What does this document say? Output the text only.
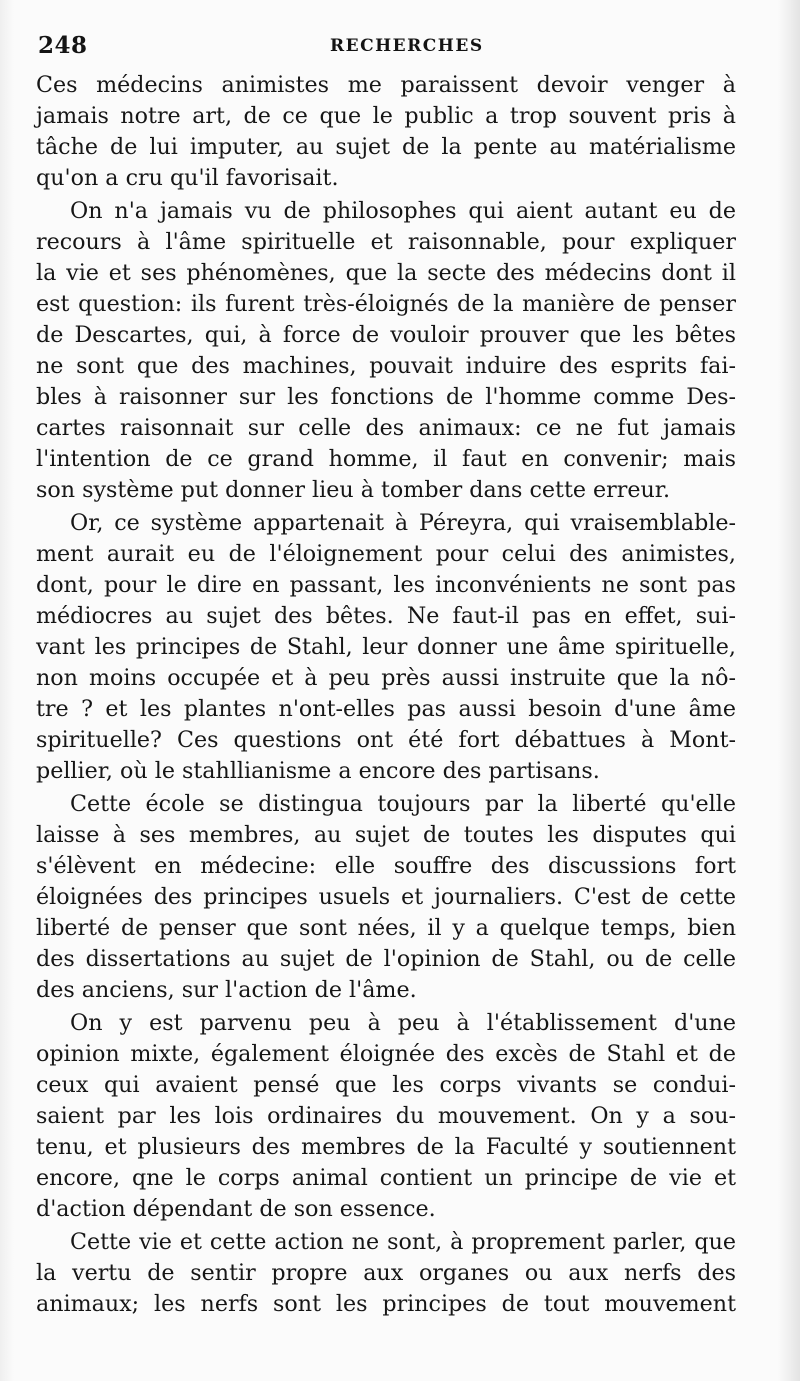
248	RECHERCHES
Ces médecins animistes me paraissent devoir venger à
jamais notre art, de ce que le public a trop souvent pris à
tâche de lui imputer, au sujet de la pente au matérialisme
qu'on a cru qu'il favorisait.
On n'a jamais vu de philosophes qui aient autant eu de
recours à l'âme spirituelle et raisonnable, pour expliquer
la vie et ses phénomènes, que la secte des médecins dont il
est question: ils furent très-éloignés de la manière de penser
de Descartes, qui, à force de vouloir prouver que les bêtes
ne sont que des machines, pouvait induire des esprits fai-
bles à raisonner sur les fonctions de l'homme comme Des-
cartes raisonnait sur celle des animaux: ce ne fut jamais
l'intention de ce grand homme, il faut en convenir; mais
son système put donner lieu à tomber dans cette erreur.
Or, ce système appartenait à Péreyra, qui vraisemblable-
ment aurait eu de l'éloignement pour celui des animistes,
dont, pour le dire en passant, les inconvénients ne sont pas
médiocres au sujet des bêtes. Ne faut-il pas en effet, sui-
vant les principes de Stahl, leur donner une âme spirituelle,
non moins occupée et à peu près aussi instruite que la nô-
tre ? et les plantes n'ont-elles pas aussi besoin d'une âme
spirituelle? Ces questions ont été fort débattues à Mont-
pellier, où le stahllianisme a encore des partisans.
Cette école se distingua toujours par la liberté qu'elle
laisse à ses membres, au sujet de toutes les disputes qui
s'élèvent en médecine: elle souffre des discussions fort
éloignées des principes usuels et journaliers. C'est de cette
liberté de penser que sont nées, il y a quelque temps, bien
des dissertations au sujet de l'opinion de Stahl, ou de celle
des anciens, sur l'action de l'âme.
On y est parvenu peu à peu à l'établissement d'une
opinion mixte, également éloignée des excès de Stahl et de
ceux qui avaient pensé que les corps vivants se condui-
saient par les lois ordinaires du mouvement. On y a sou-
tenu, et plusieurs des membres de la Faculté y soutiennent
encore, qne le corps animal contient un principe de vie et
d'action dépendant de son essence.
Cette vie et cette action ne sont, à proprement parler, que
la vertu de sentir propre aux organes ou aux nerfs des
animaux; les nerfs sont les principes de tout mouvement
